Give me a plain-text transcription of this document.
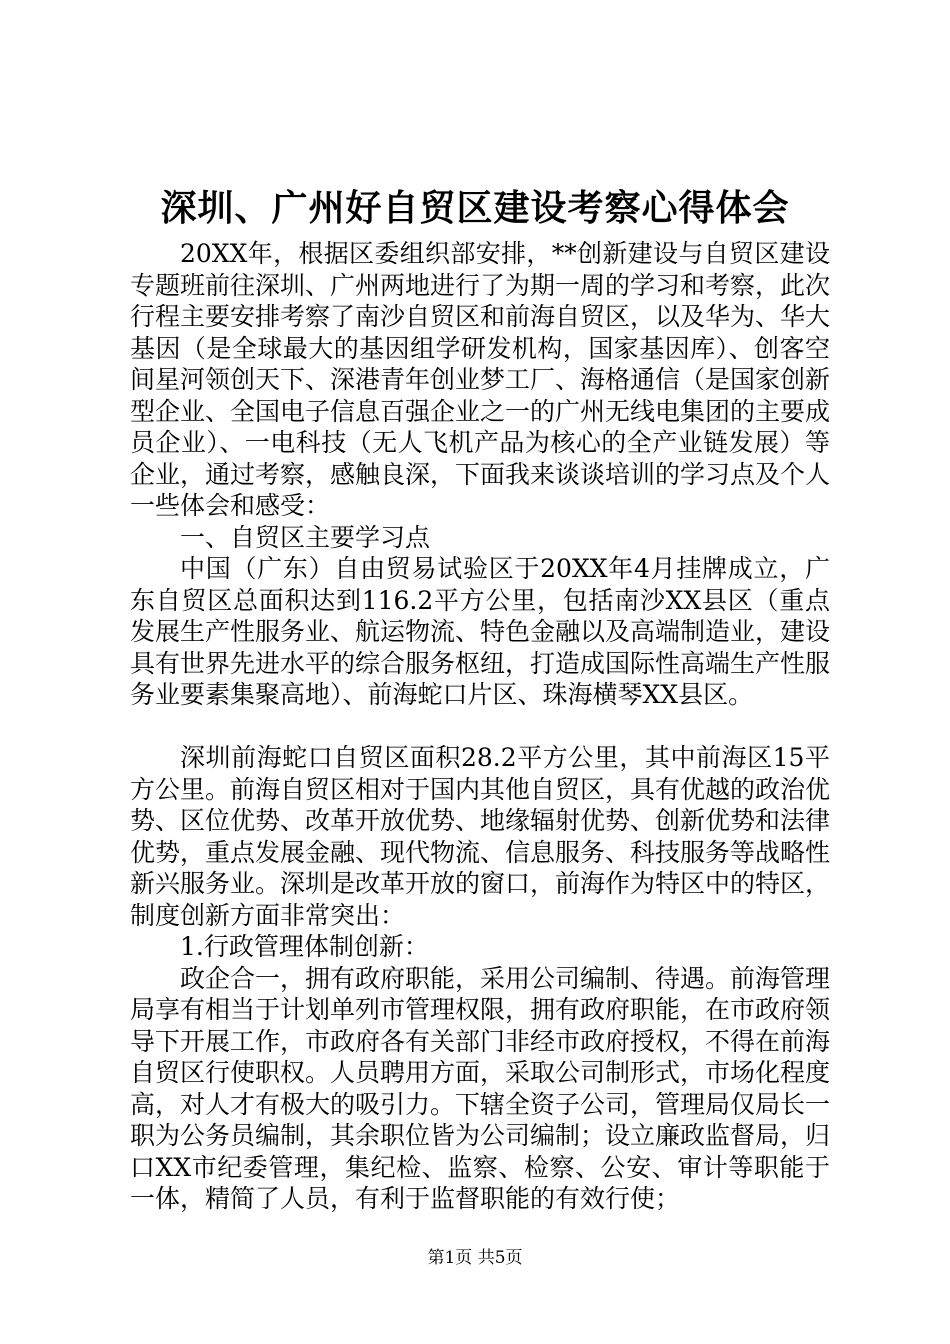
深圳、广州好自贸区建设考察心得体会

20XX年，根据区委组织部安排，**创新建设与自贸区建设专题班前往深圳、广州两地进行了为期一周的学习和考察，此次行程主要安排考察了南沙自贸区和前海自贸区，以及华为、华大基因（是全球最大的基因组学研发机构，国家基因库）、创客空间星河领创天下、深港青年创业梦工厂、海格通信（是国家创新型企业、全国电子信息百强企业之一的广州无线电集团的主要成员企业）、一电科技（无人飞机产品为核心的全产业链发展）等企业，通过考察，感触良深，下面我来谈谈培训的学习点及个人一些体会和感受：

一、自贸区主要学习点

中国（广东）自由贸易试验区于20XX年4月挂牌成立，广东自贸区总面积达到116.2平方公里，包括南沙XX县区（重点发展生产性服务业、航运物流、特色金融以及高端制造业，建设具有世界先进水平的综合服务枢纽，打造成国际性高端生产性服务业要素集聚高地）、前海蛇口片区、珠海横琴XX县区。

深圳前海蛇口自贸区面积28.2平方公里，其中前海区15平方公里。前海自贸区相对于国内其他自贸区，具有优越的政治优势、区位优势、改革开放优势、地缘辐射优势、创新优势和法律优势，重点发展金融、现代物流、信息服务、科技服务等战略性新兴服务业。深圳是改革开放的窗口，前海作为特区中的特区，制度创新方面非常突出：

1.行政管理体制创新：

政企合一，拥有政府职能，采用公司编制、待遇。前海管理局享有相当于计划单列市管理权限，拥有政府职能，在市政府领导下开展工作，市政府各有关部门非经市政府授权，不得在前海自贸区行使职权。人员聘用方面，采取公司制形式，市场化程度高，对人才有极大的吸引力。下辖全资子公司，管理局仅局长一职为公务员编制，其余职位皆为公司编制；设立廉政监督局，归口XX市纪委管理，集纪检、监察、检察、公安、审计等职能于一体，精简了人员，有利于监督职能的有效行使；

第1页 共5页
